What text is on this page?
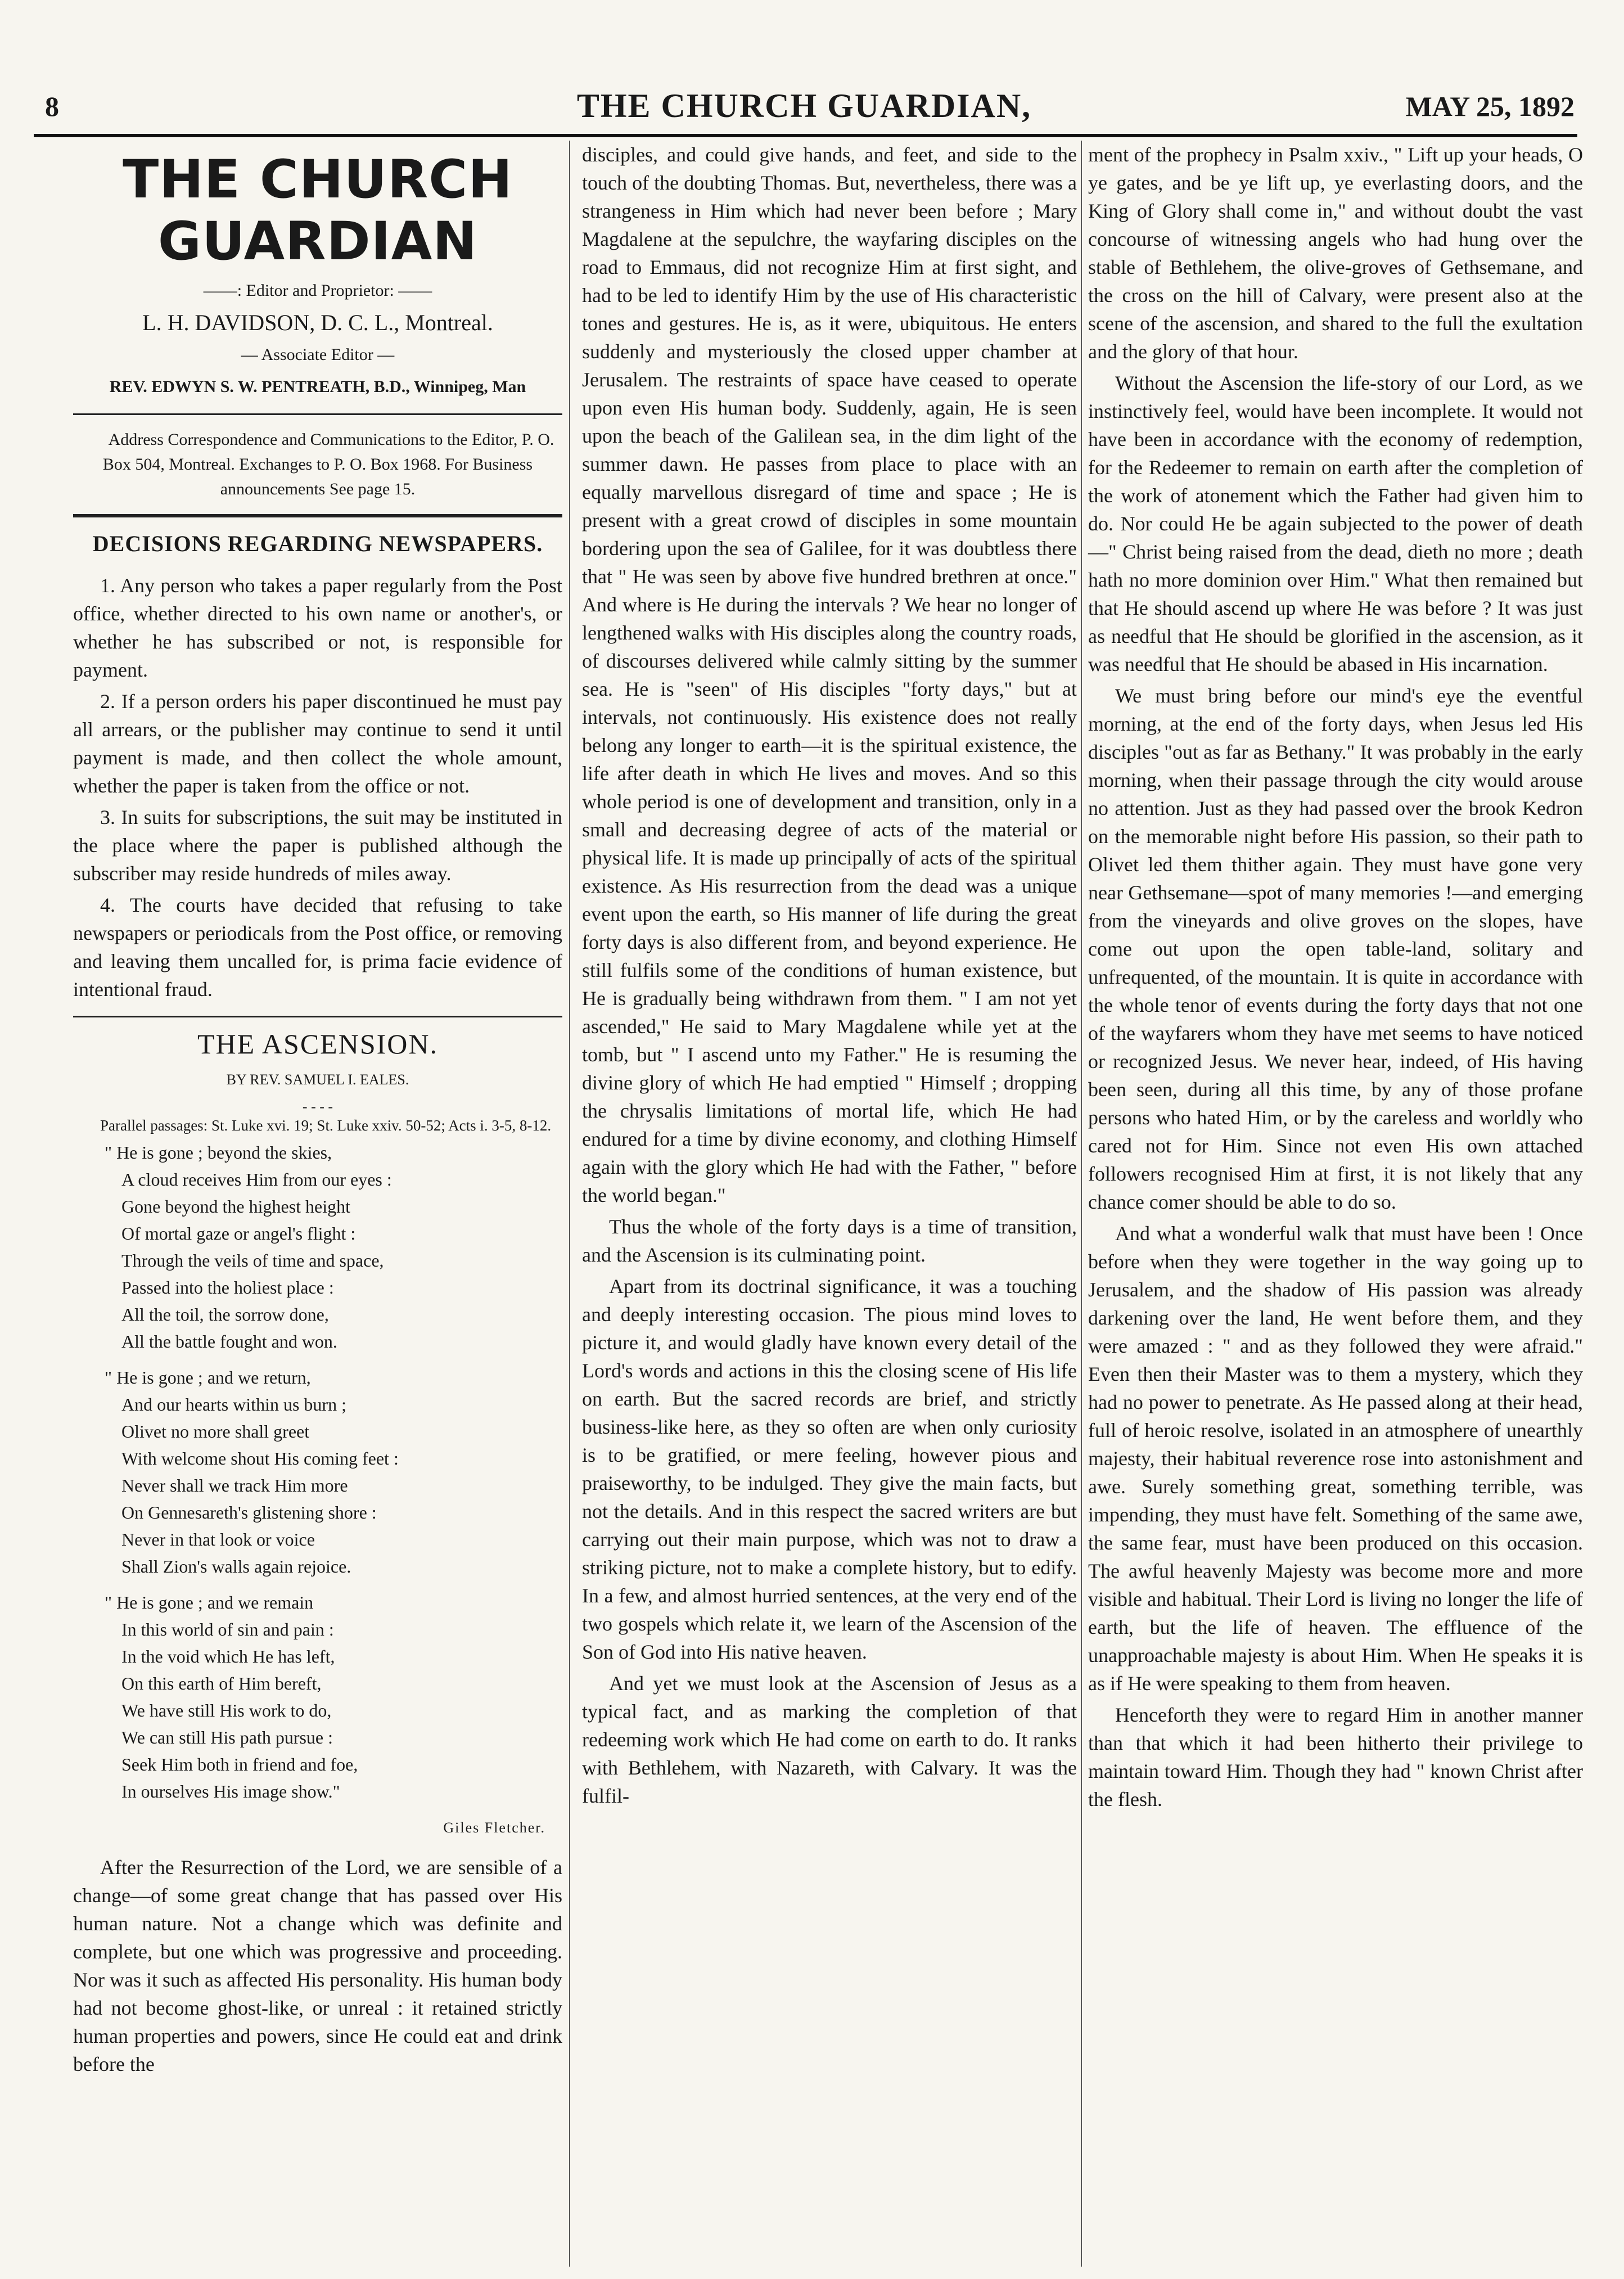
8	THE CHURCH GUARDIAN,	MAY 25, 1892
THE CHURCH GUARDIAN

——: Editor and Proprietor: ——

L. H. DAVIDSON, D. C. L., Montreal.

— Associate Editor —

REV. EDWYN S. W. PENTREATH, B.D., Winnipeg, Man

Address Correspondence and Communications to the Editor, P. O. Box 504, Montreal. Exchanges to P. O. Box 1968. For Business announcements See page 15.

DECISIONS REGARDING NEWSPAPERS.

1. Any person who takes a paper regularly from the Post office, whether directed to his own name or another's, or whether he has subscribed or not, is responsible for payment.

2. If a person orders his paper discontinued he must pay all arrears, or the publisher may continue to send it until payment is made, and then collect the whole amount, whether the paper is taken from the office or not.

3. In suits for subscriptions, the suit may be instituted in the place where the paper is published although the subscriber may reside hundreds of miles away.

4. The courts have decided that refusing to take newspapers or periodicals from the Post office, or removing and leaving them uncalled for, is prima facie evidence of intentional fraud.

THE ASCENSION.
BY REV. SAMUEL I. EALES.
- - - -

Parallel passages: St. Luke xvi. 19; St. Luke xxiv. 50-52; Acts i. 3-5, 8-12.

" He is gone ; beyond the skies,
A cloud receives Him from our eyes :
Gone beyond the highest height
Of mortal gaze or angel's flight :
Through the veils of time and space,
Passed into the holiest place :
All the toil, the sorrow done,
All the battle fought and won.
" He is gone ; and we return,
And our hearts within us burn ;
Olivet no more shall greet
With welcome shout His coming feet :
Never shall we track Him more
On Gennesareth's glistening shore :
Never in that look or voice
Shall Zion's walls again rejoice.
" He is gone ; and we remain
In this world of sin and pain :
In the void which He has left,
On this earth of Him bereft,
We have still His work to do,
We can still His path pursue :
Seek Him both in friend and foe,
In ourselves His image show."
Giles Fletcher.

After the Resurrection of the Lord, we are sensible of a change—of some great change that has passed over His human nature. Not a change which was definite and complete, but one which was progressive and proceeding. Nor was it such as affected His personality. His human body had not become ghost-like, or unreal : it retained strictly human properties and powers, since He could eat and drink before the

disciples, and could give hands, and feet, and side to the touch of the doubting Thomas. But, nevertheless, there was a strangeness in Him which had never been before ; Mary Magdalene at the sepulchre, the wayfaring disciples on the road to Emmaus, did not recognize Him at first sight, and had to be led to identify Him by the use of His characteristic tones and gestures. He is, as it were, ubiquitous. He enters suddenly and mysteriously the closed upper chamber at Jerusalem. The restraints of space have ceased to operate upon even His human body. Suddenly, again, He is seen upon the beach of the Galilean sea, in the dim light of the summer dawn. He passes from place to place with an equally marvellous disregard of time and space ; He is present with a great crowd of disciples in some mountain bordering upon the sea of Galilee, for it was doubtless there that " He was seen by above five hundred brethren at once." And where is He during the intervals ? We hear no longer of lengthened walks with His disciples along the country roads, of discourses delivered while calmly sitting by the summer sea. He is "seen" of His disciples "forty days," but at intervals, not continuously. His existence does not really belong any longer to earth—it is the spiritual existence, the life after death in which He lives and moves. And so this whole period is one of development and transition, only in a small and decreasing degree of acts of the material or physical life. It is made up principally of acts of the spiritual existence. As His resurrection from the dead was a unique event upon the earth, so His manner of life during the great forty days is also different from, and beyond experience. He still fulfils some of the conditions of human existence, but He is gradually being withdrawn from them. " I am not yet ascended," He said to Mary Magdalene while yet at the tomb, but " I ascend unto my Father." He is resuming the divine glory of which He had emptied " Himself ; dropping the chrysalis limitations of mortal life, which He had endured for a time by divine economy, and clothing Himself again with the glory which He had with the Father, " before the world began."

Thus the whole of the forty days is a time of transition, and the Ascension is its culminating point.

Apart from its doctrinal significance, it was a touching and deeply interesting occasion. The pious mind loves to picture it, and would gladly have known every detail of the Lord's words and actions in this the closing scene of His life on earth. But the sacred records are brief, and strictly business-like here, as they so often are when only curiosity is to be gratified, or mere feeling, however pious and praiseworthy, to be indulged. They give the main facts, but not the details. And in this respect the sacred writers are but carrying out their main purpose, which was not to draw a striking picture, not to make a complete history, but to edify. In a few, and almost hurried sentences, at the very end of the two gospels which relate it, we learn of the Ascension of the Son of God into His native heaven.

And yet we must look at the Ascension of Jesus as a typical fact, and as marking the completion of that redeeming work which He had come on earth to do. It ranks with Bethlehem, with Nazareth, with Calvary. It was the fulfil-

ment of the prophecy in Psalm xxiv., " Lift up your heads, O ye gates, and be ye lift up, ye everlasting doors, and the King of Glory shall come in," and without doubt the vast concourse of witnessing angels who had hung over the stable of Bethlehem, the olive-groves of Gethsemane, and the cross on the hill of Calvary, were present also at the scene of the ascension, and shared to the full the exultation and the glory of that hour.

Without the Ascension the life-story of our Lord, as we instinctively feel, would have been incomplete. It would not have been in accordance with the economy of redemption, for the Redeemer to remain on earth after the completion of the work of atonement which the Father had given him to do. Nor could He be again subjected to the power of death—" Christ being raised from the dead, dieth no more ; death hath no more dominion over Him." What then remained but that He should ascend up where He was before ? It was just as needful that He should be glorified in the ascension, as it was needful that He should be abased in His incarnation.

We must bring before our mind's eye the eventful morning, at the end of the forty days, when Jesus led His disciples "out as far as Bethany." It was probably in the early morning, when their passage through the city would arouse no attention. Just as they had passed over the brook Kedron on the memorable night before His passion, so their path to Olivet led them thither again. They must have gone very near Gethsemane—spot of many memories !—and emerging from the vineyards and olive groves on the slopes, have come out upon the open table-land, solitary and unfrequented, of the mountain. It is quite in accordance with the whole tenor of events during the forty days that not one of the wayfarers whom they have met seems to have noticed or recognized Jesus. We never hear, indeed, of His having been seen, during all this time, by any of those profane persons who hated Him, or by the careless and worldly who cared not for Him. Since not even His own attached followers recognised Him at first, it is not likely that any chance comer should be able to do so.

And what a wonderful walk that must have been ! Once before when they were together in the way going up to Jerusalem, and the shadow of His passion was already darkening over the land, He went before them, and they were amazed : " and as they followed they were afraid." Even then their Master was to them a mystery, which they had no power to penetrate. As He passed along at their head, full of heroic resolve, isolated in an atmosphere of unearthly majesty, their habitual reverence rose into astonishment and awe. Surely something great, something terrible, was impending, they must have felt. Something of the same awe, the same fear, must have been produced on this occasion. The awful heavenly Majesty was become more and more visible and habitual. Their Lord is living no longer the life of earth, but the life of heaven. The effluence of the unapproachable majesty is about Him. When He speaks it is as if He were speaking to them from heaven.

Henceforth they were to regard Him in another manner than that which it had been hitherto their privilege to maintain toward Him. Though they had " known Christ after the flesh.
